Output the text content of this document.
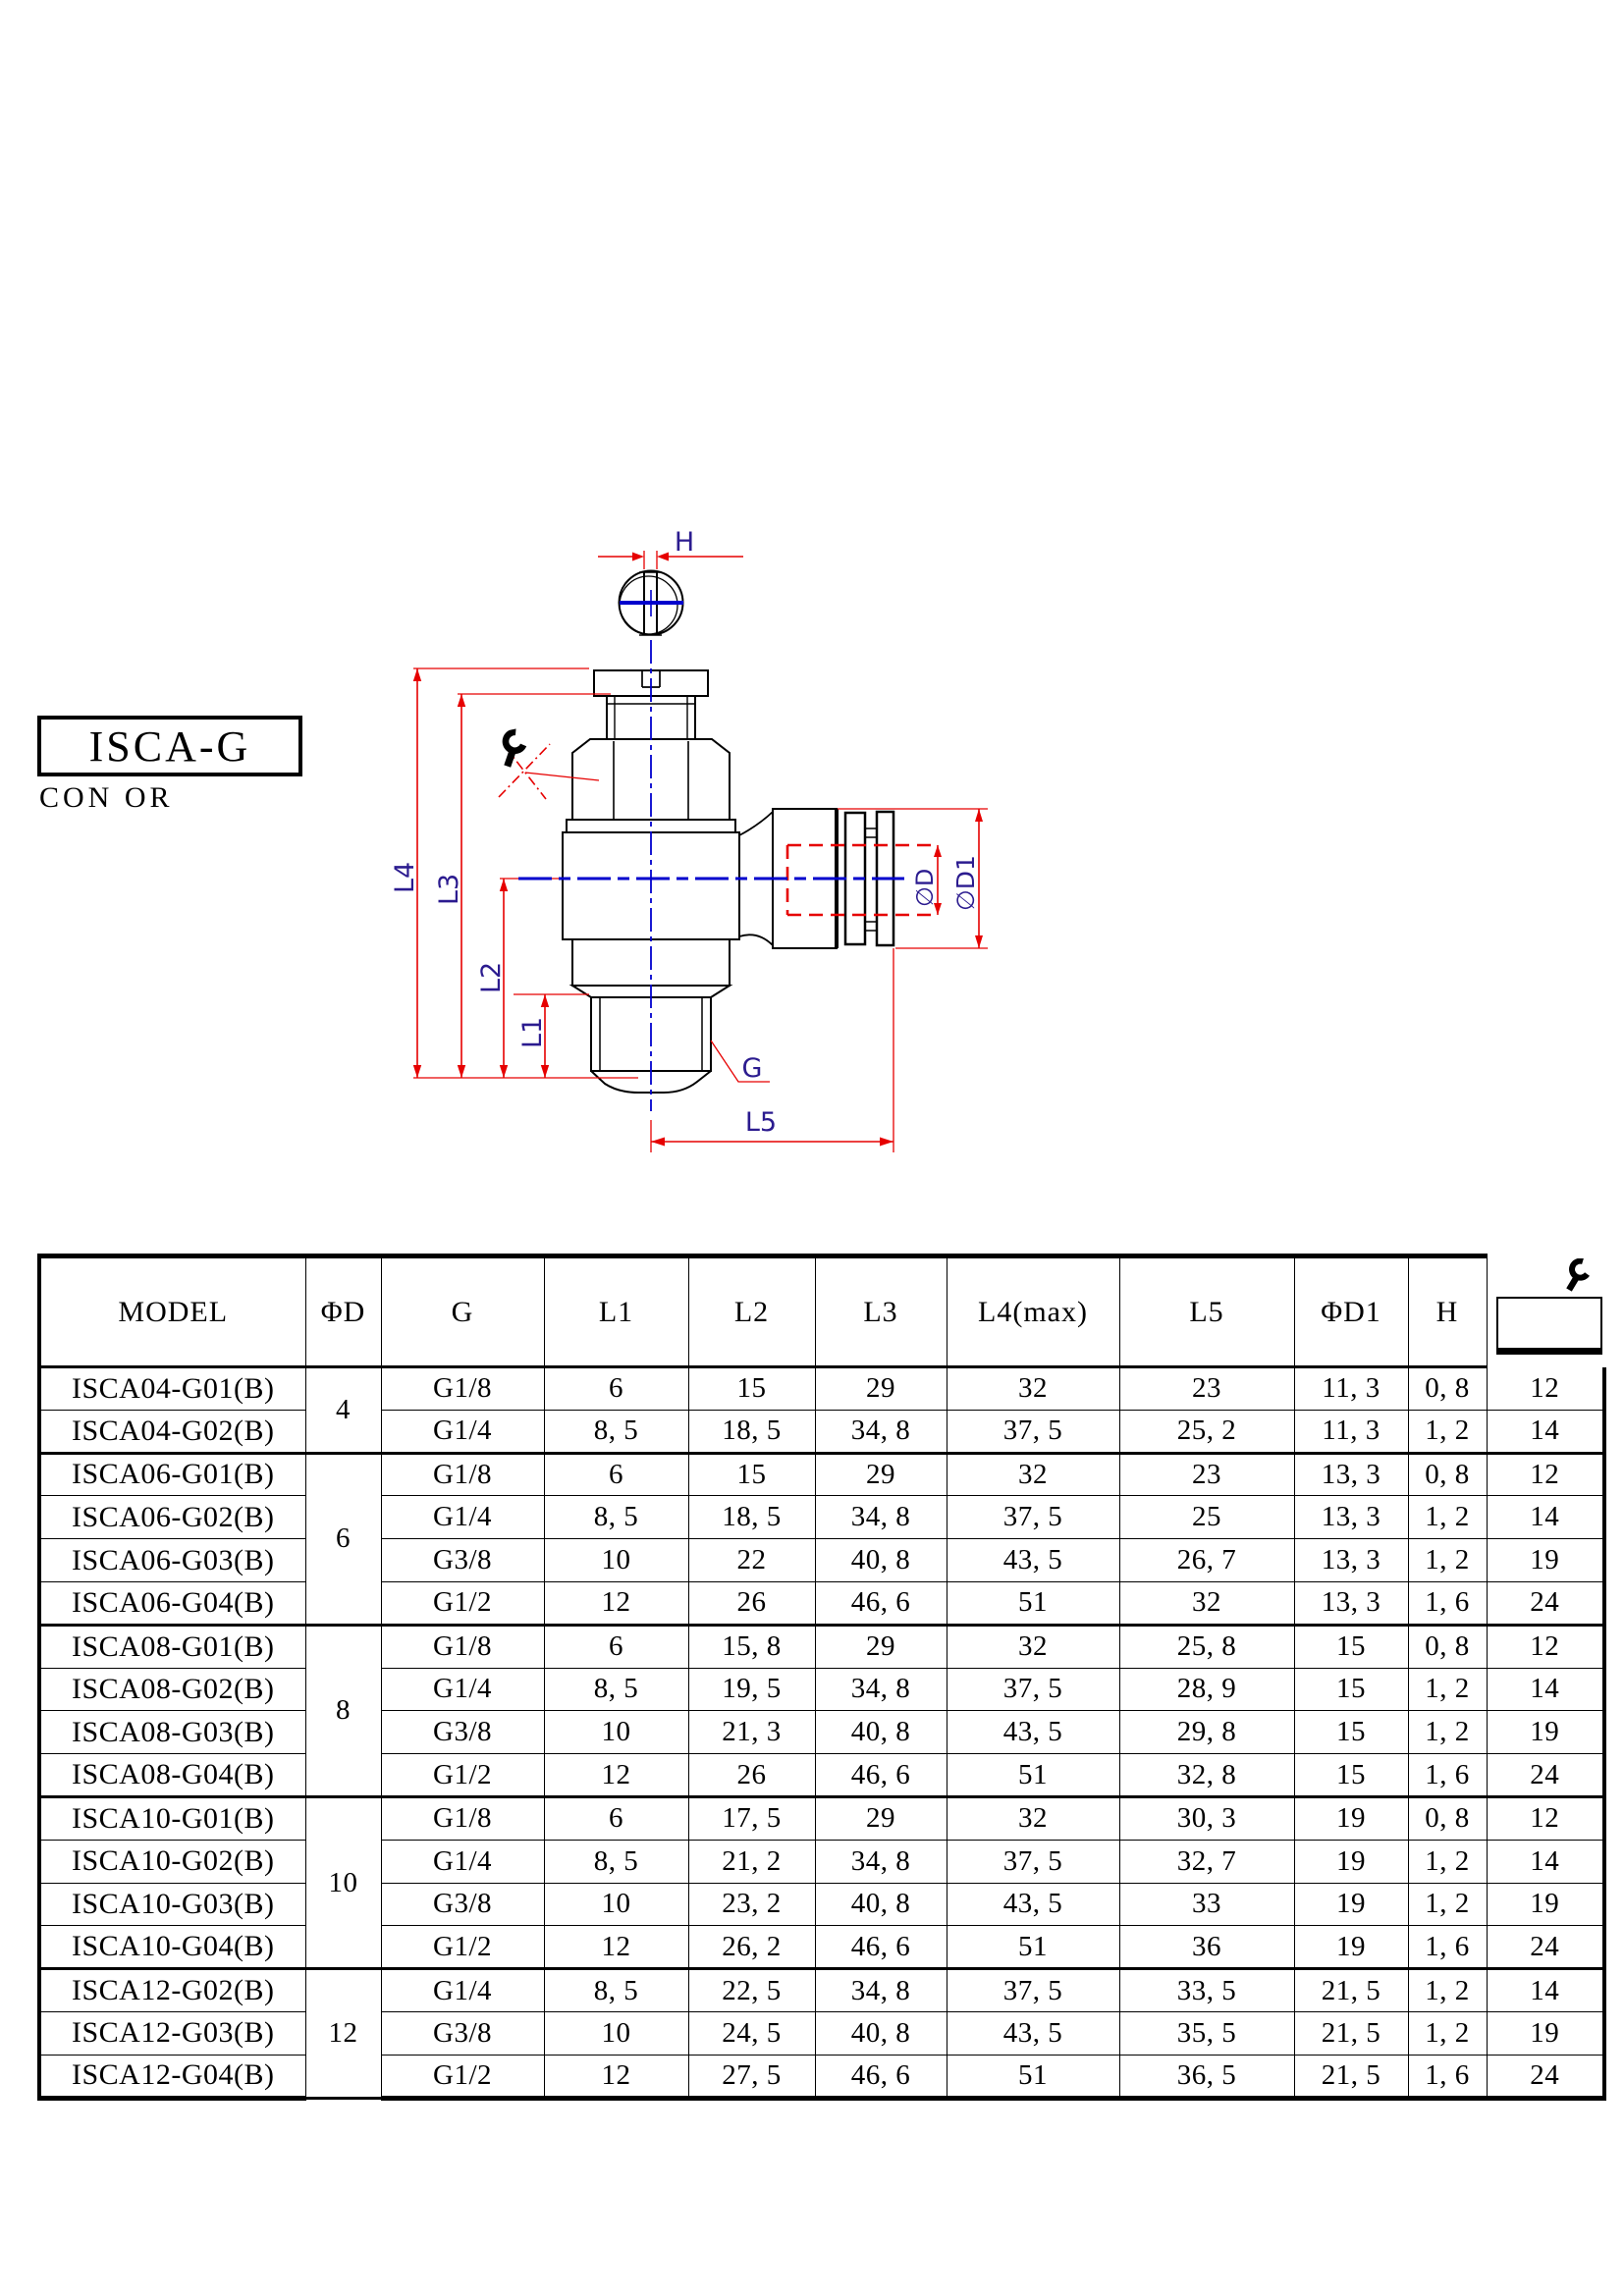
ISCA-G
CON OR
H
L4 L3
L2
L1
L5
G
∅D ∅D1
MODEL	ΦD	G	L1	L2	L3	L4(max)	L5	ΦD1	H	

ISCA04-G01(B)	4	G1/8	6	15	29	32	23	11, 3	0, 8	12
ISCA04-G02(B)		G1/4	8, 5	18, 5	34, 8	37, 5	25, 2	11, 3	1, 2	14
ISCA06-G01(B)	6	G1/8	6	15	29	32	23	13, 3	0, 8	12
ISCA06-G02(B)		G1/4	8, 5	18, 5	34, 8	37, 5	25	13, 3	1, 2	14
ISCA06-G03(B)		G3/8	10	22	40, 8	43, 5	26, 7	13, 3	1, 2	19
ISCA06-G04(B)		G1/2	12	26	46, 6	51	32	13, 3	1, 6	24
ISCA08-G01(B)	8	G1/8	6	15, 8	29	32	25, 8	15	0, 8	12
ISCA08-G02(B)		G1/4	8, 5	19, 5	34, 8	37, 5	28, 9	15	1, 2	14
ISCA08-G03(B)		G3/8	10	21, 3	40, 8	43, 5	29, 8	15	1, 2	19
ISCA08-G04(B)		G1/2	12	26	46, 6	51	32, 8	15	1, 6	24
ISCA10-G01(B)	10	G1/8	6	17, 5	29	32	30, 3	19	0, 8	12
ISCA10-G02(B)		G1/4	8, 5	21, 2	34, 8	37, 5	32, 7	19	1, 2	14
ISCA10-G03(B)		G3/8	10	23, 2	40, 8	43, 5	33	19	1, 2	19
ISCA10-G04(B)		G1/2	12	26, 2	46, 6	51	36	19	1, 6	24
ISCA12-G02(B)	12	G1/4	8, 5	22, 5	34, 8	37, 5	33, 5	21, 5	1, 2	14
ISCA12-G03(B)		G3/8	10	24, 5	40, 8	43, 5	35, 5	21, 5	1, 2	19
ISCA12-G04(B)		G1/2	12	27, 5	46, 6	51	36, 5	21, 5	1, 6	24
